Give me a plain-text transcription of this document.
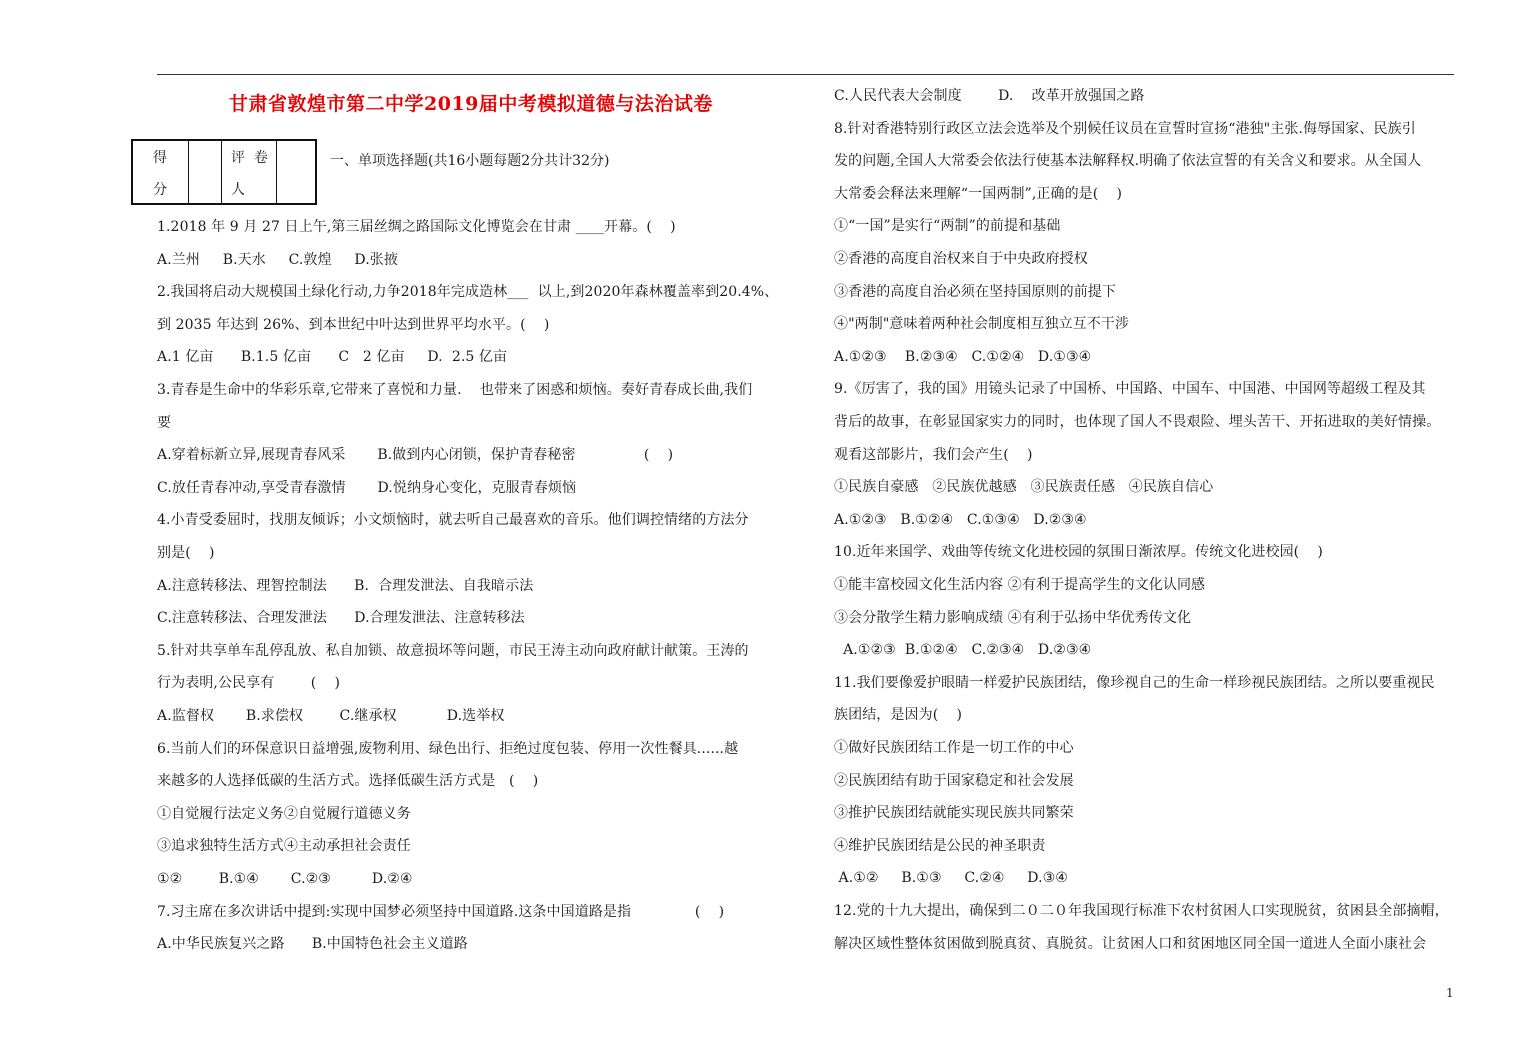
甘肃省敦煌市第二中学2019届中考模拟道德与法治试卷
得
分
评  卷
人
一、单项选择题(共16小题每题2分共计32分)
1.2018 年 9 月 27 日上午,第三届丝绸之路国际文化博览会在甘肃 ____开幕。(    )
A.兰州     B.天水     C.敦煌     D.张掖
2.我国将启动大规模国土绿化行动,力争2018年完成造林___  以上,到2020年森林覆盖率到20.4%、
到 2035 年达到 26%、到本世纪中叶达到世界平均水平。(    )
A.1 亿亩      B.1.5 亿亩      C   2 亿亩     D.  2.5 亿亩
3.青春是生命中的华彩乐章,它带来了喜悦和力量.    也带来了困惑和烦恼。奏好青春成长曲,我们
要
A.穿着标新立异,展现青春风采       B.做到内心闭锁，保护青春秘密               (    )
C.放任青春冲动,享受青春激情       D.悦纳身心变化，克服青春烦恼
4.小青受委屈时，找朋友倾诉；小文烦恼时，就去听自己最喜欢的音乐。他们调控情绪的方法分
别是(    )
A.注意转移法、理智控制法      B.  合理发泄法、自我暗示法
C.注意转移法、合理发泄法      D.合理发泄法、注意转移法
5.针对共享单车乱停乱放、私自加锁、故意损坏等问题，市民王涛主动向政府献计献策。王涛的
行为表明,公民享有        (    )
A.监督权       B.求偿权        C.继承权           D.选举权
6.当前人们的环保意识日益增强,废物利用、绿色出行、拒绝过度包装、停用一次性餐具......越
来越多的人选择低碳的生活方式。选择低碳生活方式是   (    )
①自觉履行法定义务②自觉履行道德义务
③追求独特生活方式④主动承担社会责任
①②        B.①④       C.②③         D.②④
7.习主席在多次讲话中提到:实现中国梦必须坚持中国道路.这条中国道路是指              (    )
A.中华民族复兴之路      B.中国特色社会主义道路
C.人民代表大会制度        D.    改革开放强国之路
8.针对香港特别行政区立法会选举及个别候任议员在宣誓时宣扬“港独"主张.侮辱国家、民族引
发的问题,全国人大常委会依法行使基本法解释权.明确了依法宣誓的有关含义和要求。从全国人
大常委会释法来理解“一国两制”,正确的是(    )
①“一国”是实行“两制”的前提和基础
②香港的高度自治权来自于中央政府授权
③香港的高度自治必须在坚持国原则的前提下
④"两制"意味着两种社会制度相互独立互不干涉
A.①②③    B.②③④   C.①②④   D.①③④
9.《厉害了，我的国》用镜头记录了中国桥、中国路、中国车、中国港、中国网等超级工程及其
背后的故事，在彰显国家实力的同时，也体现了国人不畏艰险、埋头苦干、开拓进取的美好情操。
观看这部影片，我们会产生(    )
①民族自豪感   ②民族优越感   ③民族责任感   ④民族自信心
A.①②③   B.①②④   C.①③④   D.②③④
10.近年来国学、戏曲等传统文化进校园的氛围日渐浓厚。传统文化进校园(    )
①能丰富校园文化生活内容 ②有利于提高学生的文化认同感
③会分散学生精力影响成绩 ④有利于弘扬中华优秀传文化
A.①②③  B.①②④   C.②③④   D.②③④
11.我们要像爱护眼睛一样爱护民族团结，像珍视自己的生命一样珍视民族团结。之所以要重视民
族团结，是因为(    )
①做好民族团结工作是一切工作的中心
②民族团结有助于国家稳定和社会发展
③推护民族团结就能实现民族共同繁荣
④维护民族团结是公民的神圣职责
A.①②     B.①③     C.②④     D.③④
12.党的十九大提出，确保到二０二０年我国现行标准下农村贫困人口实现脱贫，贫困县全部摘帽，
解决区域性整体贫困做到脱真贫、真脱贫。让贫困人口和贫困地区同全国一道进人全面小康社会
1
